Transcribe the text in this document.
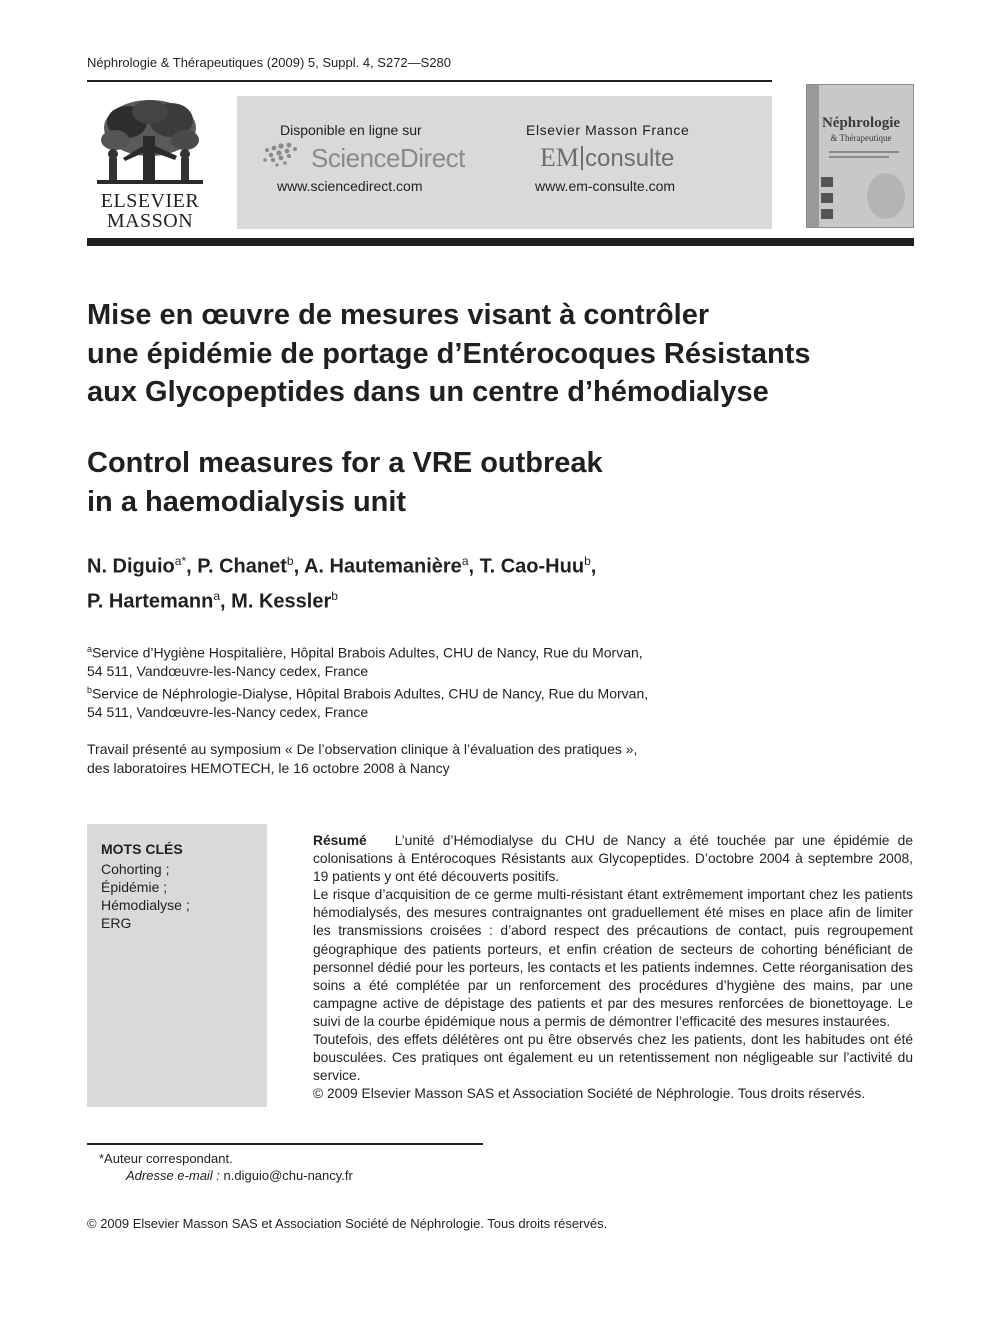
Néphrologie & Thérapeutiques (2009) 5, Suppl. 4, S272—S280
ELSEVIER
MASSON
Disponible en ligne sur
ScienceDirect
www.sciencedirect.com
Elsevier Masson France
EM consulte
www.em-consulte.com
Néphrologie
& Thérapeutique
Mise en œuvre de mesures visant à contrôler
une épidémie de portage d’Entérocoques Résistants
aux Glycopeptides dans un centre d’hémodialyse
Control measures for a VRE outbreak
in a haemodialysis unit
N. Diguio$^{a*}$, P. Chanet$^b$, A. Hautemanière$^a$, T. Cao-Huu$^b$,
P. Hartemann$^a$, M. Kessler$^b$
$^a$Service d’Hygiène Hospitalière, Hôpital Brabois Adultes, CHU de Nancy, Rue du Morvan,
54 511, Vandœuvre-les-Nancy cedex, France
$^b$Service de Néphrologie-Dialyse, Hôpital Brabois Adultes, CHU de Nancy, Rue du Morvan,
54 511, Vandœuvre-les-Nancy cedex, France
Travail présenté au symposium « De l’observation clinique à l’évaluation des pratiques »,
des laboratoires HEMOTECH, le 16 octobre 2008 à Nancy
MOTS CLÉS
Cohorting ;
Épidémie ;
Hémodialyse ;
ERG

Résumé L’unité d’Hémodialyse du CHU de Nancy a été touchée par une épidémie de colonisations à Entérocoques Résistants aux Glycopeptides. D’octobre 2004 à septembre 2008, 19 patients y ont été découverts positifs.

Le risque d’acquisition de ce germe multi-résistant étant extrêmement important chez les patients hémodialysés, des mesures contraignantes ont graduellement été mises en place afin de limiter les transmissions croisées : d’abord respect des précautions de contact, puis regroupement géographique des patients porteurs, et enfin création de secteurs de cohorting bénéficiant de personnel dédié pour les porteurs, les contacts et les patients indemnes. Cette réorganisation des soins a été complétée par un renforcement des procédures d’hygiène des mains, par une campagne active de dépistage des patients et par des mesures renforcées de bionettoyage. Le suivi de la courbe épidémique nous a permis de démontrer l’efficacité des mesures instaurées.

Toutefois, des effets délétères ont pu être observés chez les patients, dont les habitudes ont été bousculées. Ces pratiques ont également eu un retentissement non négligeable sur l’activité du service.

© 2009 Elsevier Masson SAS et Association Société de Néphrologie. Tous droits réservés.

*Auteur correspondant.
Adresse e-mail : n.diguio@chu-nancy.fr
© 2009 Elsevier Masson SAS et Association Société de Néphrologie. Tous droits réservés.
